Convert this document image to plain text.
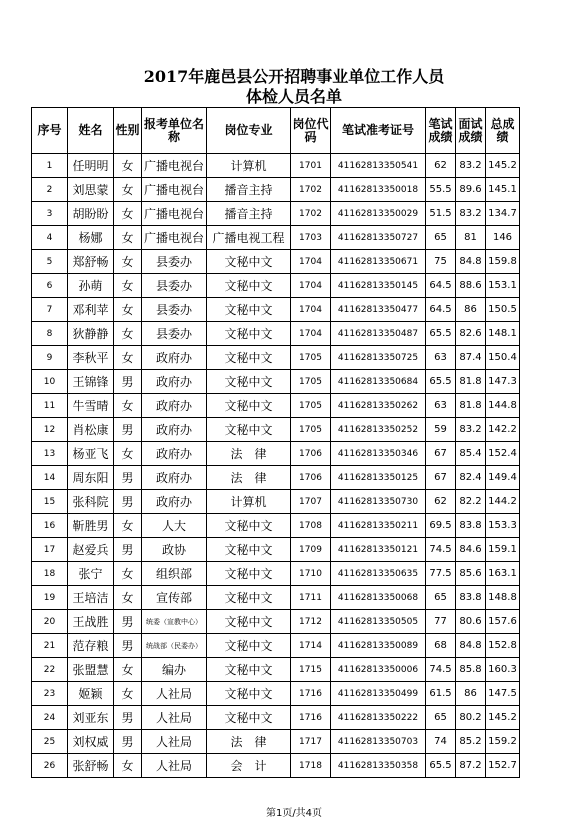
2017年鹿邑县公开招聘事业单位工作人员
体检人员名单
序号	姓名	性别	报考单位名称	岗位专业	岗位代码	笔试准考证号	笔试成绩	面试成绩	总成绩
1	任明明	女	广播电视台	计算机	1701	41162813350541	62	83.2	145.2
2	刘思蒙	女	广播电视台	播音主持	1702	41162813350018	55.5	89.6	145.1
3	胡盼盼	女	广播电视台	播音主持	1702	41162813350029	51.5	83.2	134.7
4	杨娜	女	广播电视台	广播电视工程	1703	41162813350727	65	81	146
5	郑舒畅	女	县委办	文秘中文	1704	41162813350671	75	84.8	159.8
6	孙萌	女	县委办	文秘中文	1704	41162813350145	64.5	88.6	153.1
7	邓利苹	女	县委办	文秘中文	1704	41162813350477	64.5	86	150.5
8	狄静静	女	县委办	文秘中文	1704	41162813350487	65.5	82.6	148.1
9	李秋平	女	政府办	文秘中文	1705	41162813350725	63	87.4	150.4
10	王锦锋	男	政府办	文秘中文	1705	41162813350684	65.5	81.8	147.3
11	牛雪晴	女	政府办	文秘中文	1705	41162813350262	63	81.8	144.8
12	肖松康	男	政府办	文秘中文	1705	41162813350252	59	83.2	142.2
13	杨亚飞	女	政府办	法　律	1706	41162813350346	67	85.4	152.4
14	周东阳	男	政府办	法　律	1706	41162813350125	67	82.4	149.4
15	张科院	男	政府办	计算机	1707	41162813350730	62	82.2	144.2
16	靳胜男	女	人大	文秘中文	1708	41162813350211	69.5	83.8	153.3
17	赵爱兵	男	政协	文秘中文	1709	41162813350121	74.5	84.6	159.1
18	张宁	女	组织部	文秘中文	1710	41162813350635	77.5	85.6	163.1
19	王培洁	女	宣传部	文秘中文	1711	41162813350068	65	83.8	148.8
20	王战胜	男	统委（宣教中心）	文秘中文	1712	41162813350505	77	80.6	157.6
21	范存粮	男	统战部（民委办）	文秘中文	1714	41162813350089	68	84.8	152.8
22	张盟慧	女	编办	文秘中文	1715	41162813350006	74.5	85.8	160.3
23	姬颖	女	人社局	文秘中文	1716	41162813350499	61.5	86	147.5
24	刘亚东	男	人社局	文秘中文	1716	41162813350222	65	80.2	145.2
25	刘权威	男	人社局	法　律	1717	41162813350703	74	85.2	159.2
26	张舒畅	女	人社局	会　计	1718	41162813350358	65.5	87.2	152.7
第1页/共4页
